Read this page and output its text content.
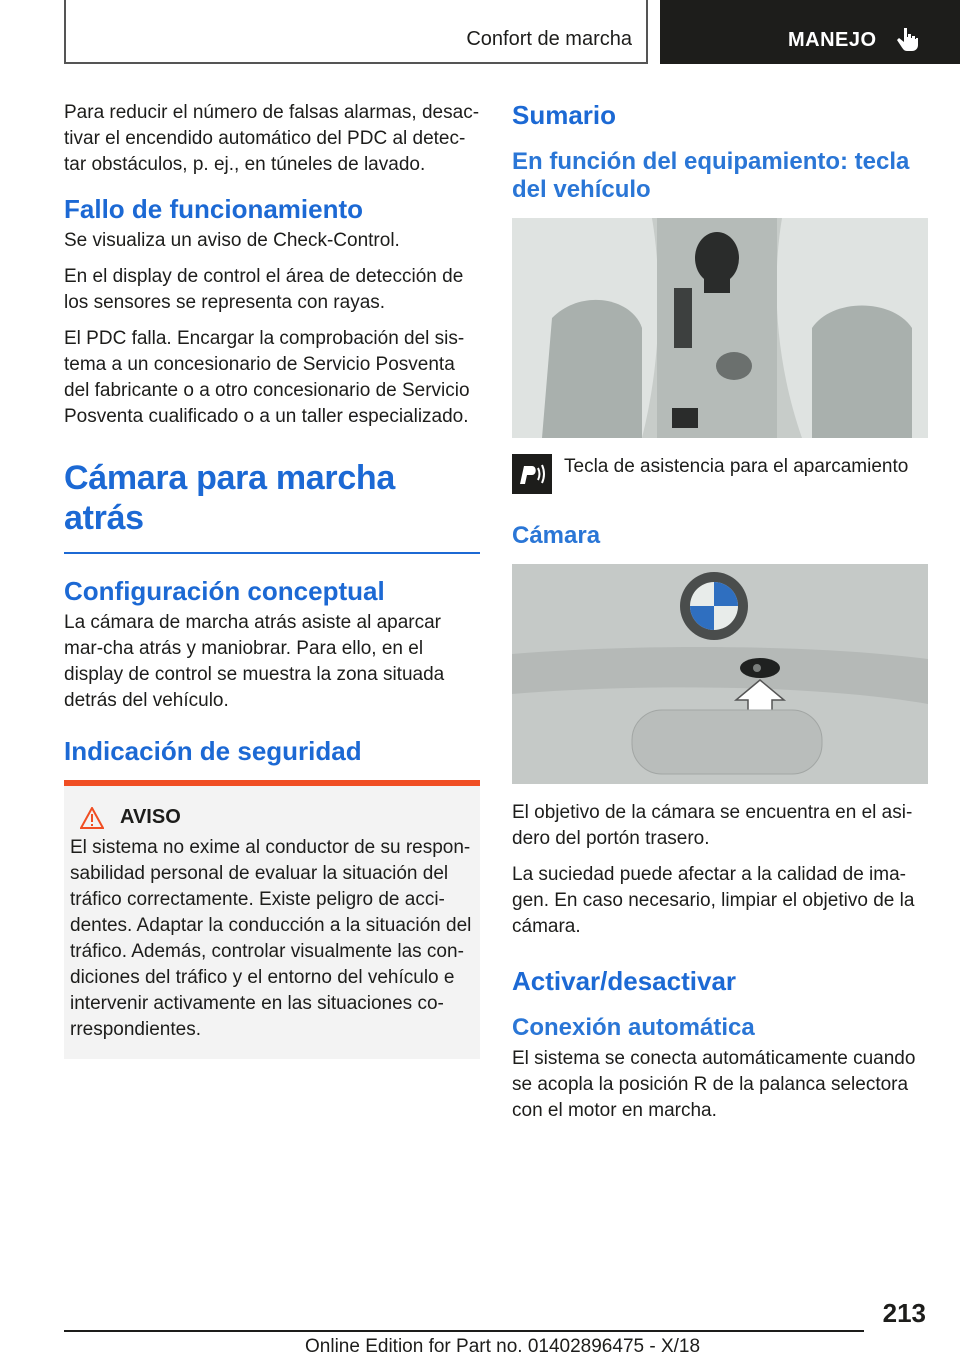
Confort de marcha	MANEJO

Para reducir el número de falsas alarmas, desac-tivar el encendido automático del PDC al detec-tar obstáculos, p. ej., en túneles de lavado.

Fallo de funcionamiento

Se visualiza un aviso de Check-Control.

En el display de control el área de detección de los sensores se representa con rayas.

El PDC falla. Encargar la comprobación del sis-tema a un concesionario de Servicio Posventa del fabricante o a otro concesionario de Servicio Posventa cualificado o a un taller especializado.

Cámara para marcha atrás
Configuración conceptual

La cámara de marcha atrás asiste al aparcar mar-cha atrás y maniobrar. Para ello, en el display de control se muestra la zona situada detrás del vehículo.

Indicación de seguridad
AVISO

El sistema no exime al conductor de su respon-sabilidad personal de evaluar la situación del tráfico correctamente. Existe peligro de acci-dentes. Adaptar la conducción a la situación del tráfico. Además, controlar visualmente las con-diciones del tráfico y el entorno del vehículo e intervenir activamente en las situaciones co-rrespondientes.

Sumario
En función del equipamiento: tecla del vehículo
Tecla de asistencia para el aparcamiento
Cámara

El objetivo de la cámara se encuentra en el asi-dero del portón trasero.

La suciedad puede afectar a la calidad de ima-gen. En caso necesario, limpiar el objetivo de la cámara.

Activar/desactivar
Conexión automática

El sistema se conecta automáticamente cuando se acopla la posición R de la palanca selectora con el motor en marcha.

213
Online Edition for Part no. 01402896475 - X/18
